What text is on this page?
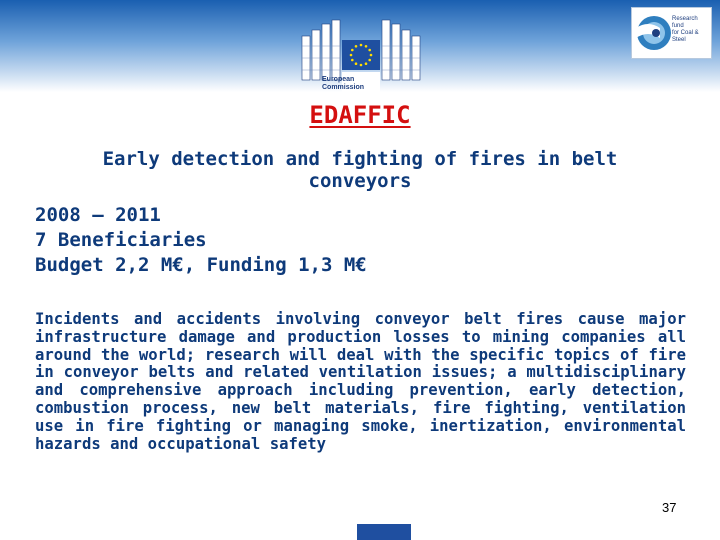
European
Commission
Research fund
for Coal & Steel
EDAFFIC
Early detection and fighting of fires in belt conveyors
2008 – 2011
7 Beneficiaries
Budget 2,2 M€, Funding 1,3 M€
Incidents and accidents involving conveyor belt fires cause major infrastructure damage and production losses to mining companies all around the world; research will deal with the specific topics of fire in conveyor belts and related ventilation issues; a multidisciplinary and comprehensive approach including prevention, early detection, combustion process, new belt materials, fire fighting, ventilation use in fire fighting or managing smoke, inertization, environmental hazards and occupational safety
37
